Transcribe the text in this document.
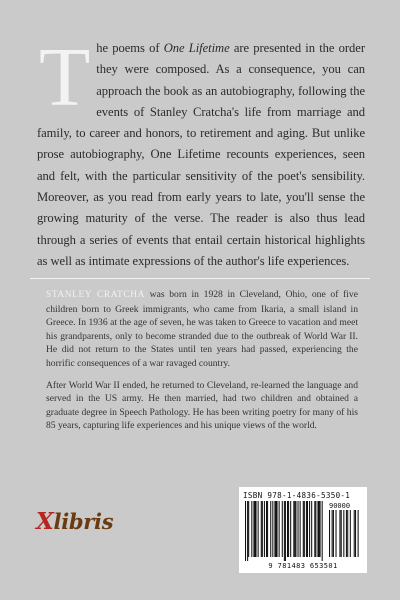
The poems of One Lifetime are presented in the order they were composed. As a consequence, you can approach the book as an autobiography, following the events of Stanley Cratcha's life from marriage and family, to career and honors, to retirement and aging. But unlike prose autobiography, One Lifetime recounts experiences, seen and felt, with the particular sensitivity of the poet's sensibility. Moreover, as you read from early years to late, you'll sense the growing maturity of the verse. The reader is also thus lead through a series of events that entail certain historical highlights as well as intimate expressions of the author's life experiences.

STANLEY CRATCHA was born in 1928 in Cleveland, Ohio, one of five children born to Greek immigrants, who came from Ikaria, a small island in Greece. In 1936 at the age of seven, he was taken to Greece to vacation and meet his grandparents, only to become stranded due to the outbreak of World War II. He did not return to the States until ten years had passed, experiencing the horrific consequences of a war ravaged country.

After World War II ended, he returned to Cleveland, re-learned the language and served in the US army. He then married, had two children and obtained a graduate degree in Speech Pathology. He has been writing poetry for many of his 85 years, capturing life experiences and his unique views of the world.

Xlibris
ISBN 978-1-4836-5350-1
90000
9 781483 653501
